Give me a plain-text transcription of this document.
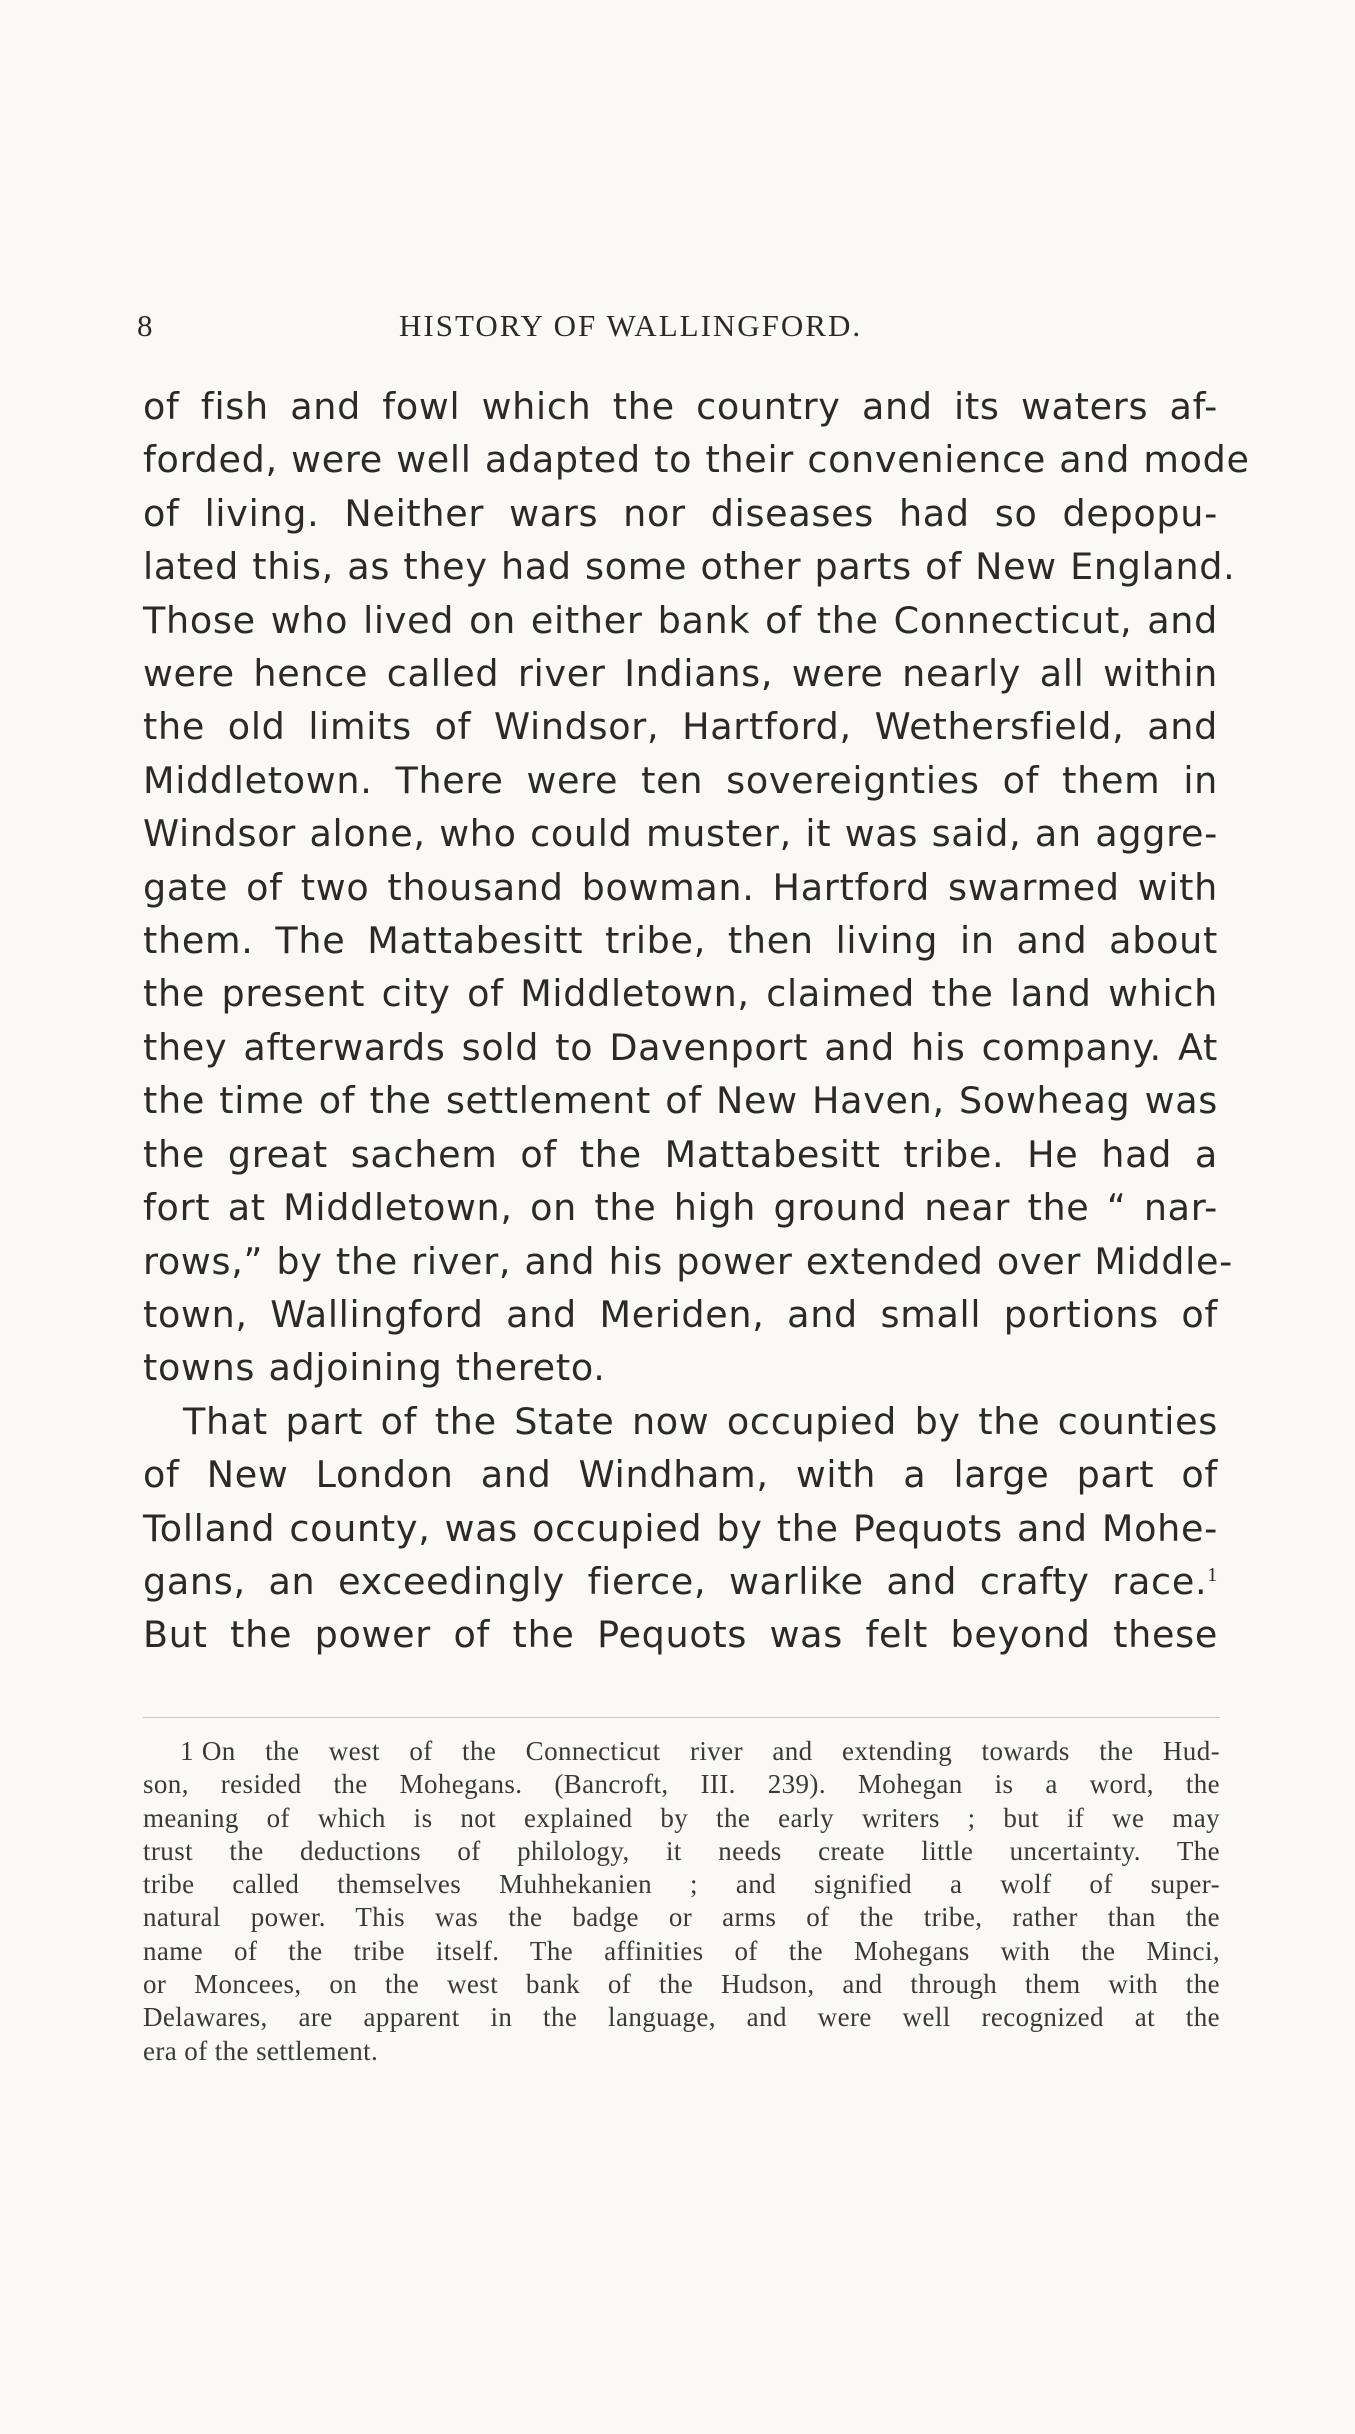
8	HISTORY OF WALLINGFORD.
of fish and fowl which the country and its waters af-
forded, were well adapted to their convenience and mode
of living. Neither wars nor diseases had so depopu-
lated this, as they had some other parts of New England.
Those who lived on either bank of the Connecticut, and
were hence called river Indians, were nearly all within
the old limits of Windsor, Hartford, Wethersfield, and
Middletown. There were ten sovereignties of them in
Windsor alone, who could muster, it was said, an aggre-
gate of two thousand bowman. Hartford swarmed with
them. The Mattabesitt tribe, then living in and about
the present city of Middletown, claimed the land which
they afterwards sold to Davenport and his company. At
the time of the settlement of New Haven, Sowheag was
the great sachem of the Mattabesitt tribe. He had a
fort at Middletown, on the high ground near the “ nar-
rows,” by the river, and his power extended over Middle-
town, Wallingford and Meriden, and small portions of
towns adjoining thereto.
That part of the State now occupied by the counties
of New London and Windham, with a large part of
Tolland county, was occupied by the Pequots and Mohe-
gans, an exceedingly fierce, warlike and crafty race.$^1$
But the power of the Pequots was felt beyond these
1 On the west of the Connecticut river and extending towards the Hud-
son, resided the Mohegans. (Bancroft, III. 239). Mohegan is a word, the
meaning of which is not explained by the early writers ; but if we may
trust the deductions of philology, it needs create little uncertainty. The
tribe called themselves Muhhekanien ; and signified a wolf of super-
natural power. This was the badge or arms of the tribe, rather than the
name of the tribe itself. The affinities of the Mohegans with the Minci,
or Moncees, on the west bank of the Hudson, and through them with the
Delawares, are apparent in the language, and were well recognized at the
era of the settlement.
